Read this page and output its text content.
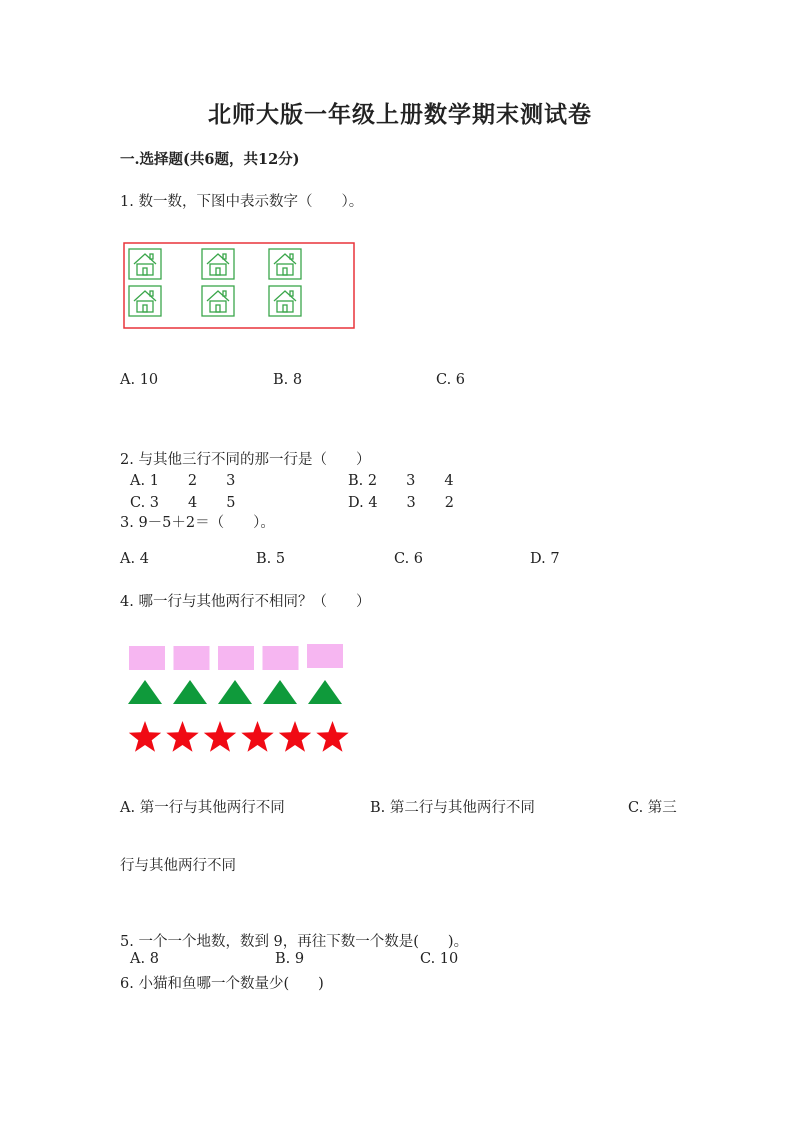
北师大版一年级上册数学期末测试卷
一.选择题(共6题，共12分)
1. 数一数，下图中表示数字（　　）。
A. 10	B. 8	C. 6
2. 与其他三行不同的那一行是（　　）
A. 1　　2　　3	B. 2　　3　　4
C. 3　　4　　5	D. 4　　3　　2
3. 9－5＋2＝（　　）。
A. 4	B. 5	C. 6	D. 7
4. 哪一行与其他两行不相同？（　　）
A. 第一行与其他两行不同	B. 第二行与其他两行不同	C. 第三
行与其他两行不同
5. 一个一个地数，数到 9，再往下数一个数是(　　)。
A. 8	B. 9	C. 10
6. 小猫和鱼哪一个数量少(　　)
